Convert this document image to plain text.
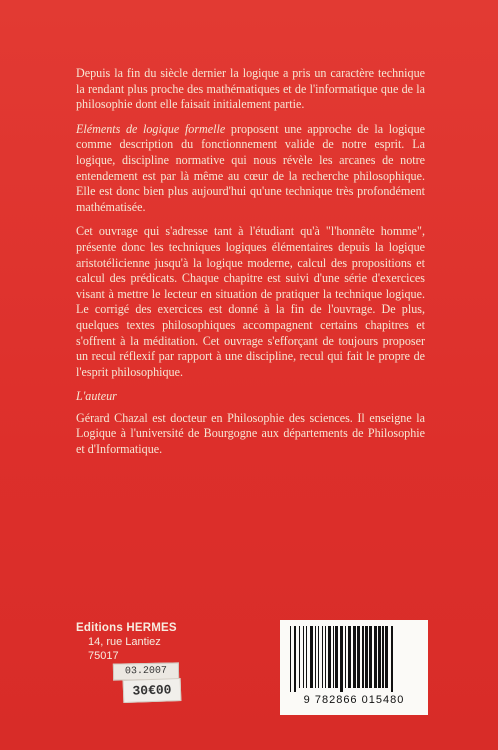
Depuis la fin du siècle dernier la logique a pris un caractère technique la rendant plus proche des mathématiques et de l'informatique que de la philosophie dont elle faisait initialement partie.

Eléments de logique formelle proposent une approche de la logique comme description du fonctionnement valide de notre esprit. La logique, discipline normative qui nous révèle les arcanes de notre entendement est par là même au cœur de la recherche philosophique. Elle est donc bien plus aujourd'hui qu'une technique très profondément mathématisée.

Cet ouvrage qui s'adresse tant à l'étudiant qu'à "l'honnête homme", présente donc les techniques logiques élémentaires depuis la logique aristotélicienne jusqu'à la logique moderne, calcul des propositions et calcul des prédicats. Chaque chapitre est suivi d'une série d'exercices visant à mettre le lecteur en situation de pratiquer la technique logique. Le corrigé des exercices est donné à la fin de l'ouvrage. De plus, quelques textes philosophiques accompagnent certains chapitres et s'offrent à la méditation. Cet ouvrage s'efforçant de toujours proposer un recul réflexif par rapport à une discipline, recul qui fait le propre de l'esprit philosophique.

L'auteur

Gérard Chazal est docteur en Philosophie des sciences. Il enseigne la Logique à l'université de Bourgogne aux départements de Philosophie et d'Informatique.

Editions HERMES
14, rue Lantiez
75017
03.2007
30€00
9 782866 015480
